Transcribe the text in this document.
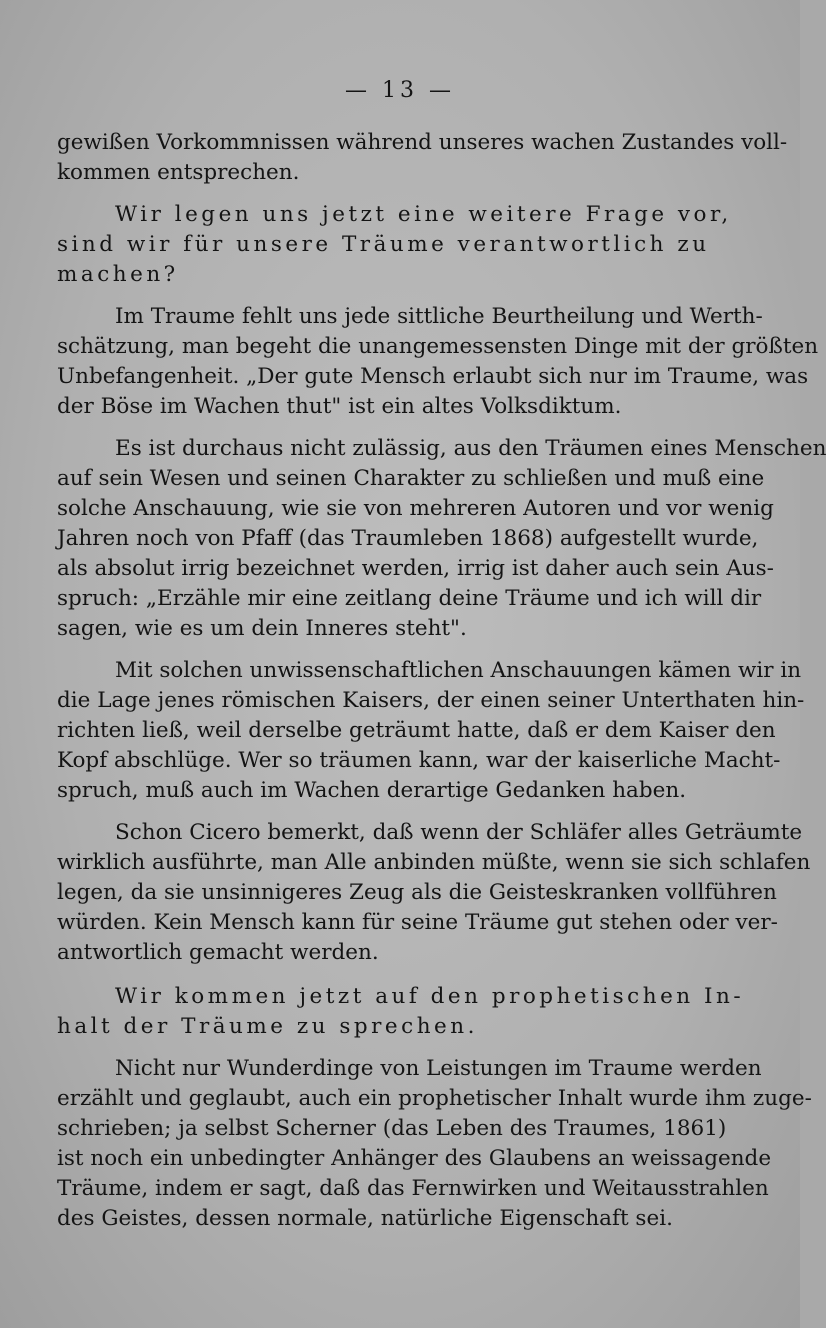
— 13 —
gewißen Vorkommnissen während unseres wachen Zustandes voll-
kommen entsprechen.
Wir legen uns jetzt eine weitere Frage vor,
sind wir für unsere Träume verantwortlich zu
machen?
Im Traume fehlt uns jede sittliche Beurtheilung und Werth-
schätzung, man begeht die unangemessensten Dinge mit der größten
Unbefangenheit. „Der gute Mensch erlaubt sich nur im Traume, was
der Böse im Wachen thut" ist ein altes Volksdiktum.
Es ist durchaus nicht zulässig, aus den Träumen eines Menschen
auf sein Wesen und seinen Charakter zu schließen und muß eine
solche Anschauung, wie sie von mehreren Autoren und vor wenig
Jahren noch von Pfaff (das Traumleben 1868) aufgestellt wurde,
als absolut irrig bezeichnet werden, irrig ist daher auch sein Aus-
spruch: „Erzähle mir eine zeitlang deine Träume und ich will dir
sagen, wie es um dein Inneres steht".
Mit solchen unwissenschaftlichen Anschauungen kämen wir in
die Lage jenes römischen Kaisers, der einen seiner Unterthaten hin-
richten ließ, weil derselbe geträumt hatte, daß er dem Kaiser den
Kopf abschlüge. Wer so träumen kann, war der kaiserliche Macht-
spruch, muß auch im Wachen derartige Gedanken haben.
Schon Cicero bemerkt, daß wenn der Schläfer alles Geträumte
wirklich ausführte, man Alle anbinden müßte, wenn sie sich schlafen
legen, da sie unsinnigeres Zeug als die Geisteskranken vollführen
würden. Kein Mensch kann für seine Träume gut stehen oder ver-
antwortlich gemacht werden.
Wir kommen jetzt auf den prophetischen In-
halt der Träume zu sprechen.
Nicht nur Wunderdinge von Leistungen im Traume werden
erzählt und geglaubt, auch ein prophetischer Inhalt wurde ihm zuge-
schrieben; ja selbst Scherner (das Leben des Traumes, 1861)
ist noch ein unbedingter Anhänger des Glaubens an weissagende
Träume, indem er sagt, daß das Fernwirken und Weitausstrahlen
des Geistes, dessen normale, natürliche Eigenschaft sei.
